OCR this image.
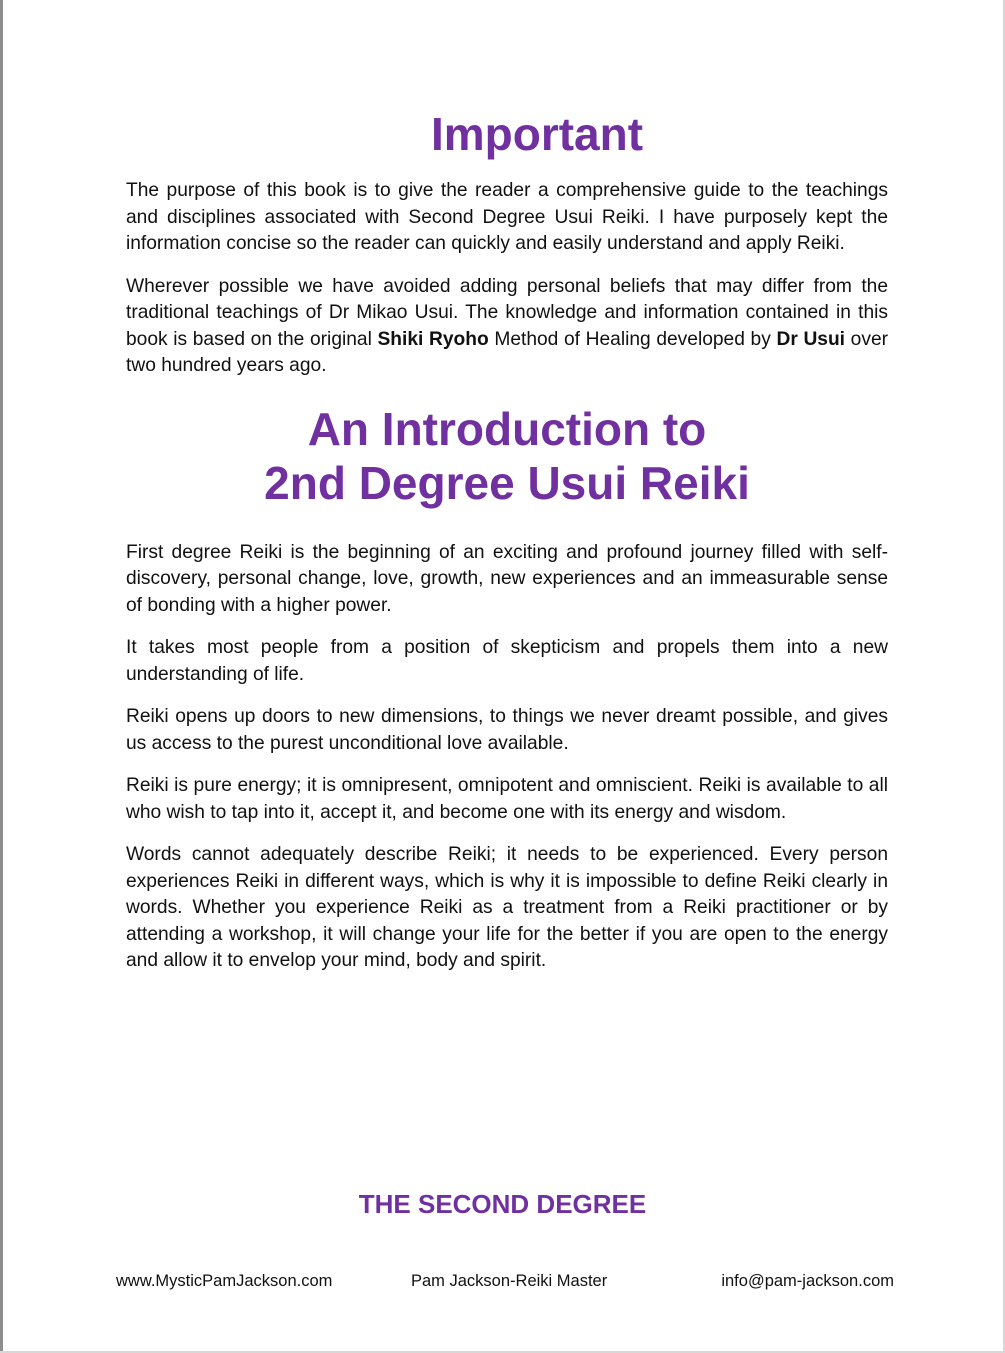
Important

The purpose of this book is to give the reader a comprehensive guide to the teachings and disciplines associated with Second Degree Usui Reiki. I have purposely kept the information concise so the reader can quickly and easily understand and apply Reiki.

Wherever possible we have avoided adding personal beliefs that may differ from the traditional teachings of Dr Mikao Usui. The knowledge and information contained in this book is based on the original Shiki Ryoho Method of Healing developed by Dr Usui over two hundred years ago.

An Introduction to
2nd Degree Usui Reiki

First degree Reiki is the beginning of an exciting and profound journey filled with self-discovery, personal change, love, growth, new experiences and an immeasurable sense of bonding with a higher power.

It takes most people from a position of skepticism and propels them into a new understanding of life.

Reiki opens up doors to new dimensions, to things we never dreamt possible, and gives us access to the purest unconditional love available.

Reiki is pure energy; it is omnipresent, omnipotent and omniscient. Reiki is available to all who wish to tap into it, accept it, and become one with its energy and wisdom.

Words cannot adequately describe Reiki; it needs to be experienced. Every person experiences Reiki in different ways, which is why it is impossible to define Reiki clearly in words. Whether you experience Reiki as a treatment from a Reiki practitioner or by attending a workshop, it will change your life for the better if you are open to the energy and allow it to envelop your mind, body and spirit.

THE SECOND DEGREE
www.MysticPamJackson.com	Pam Jackson-Reiki Master	info@pam-jackson.com
